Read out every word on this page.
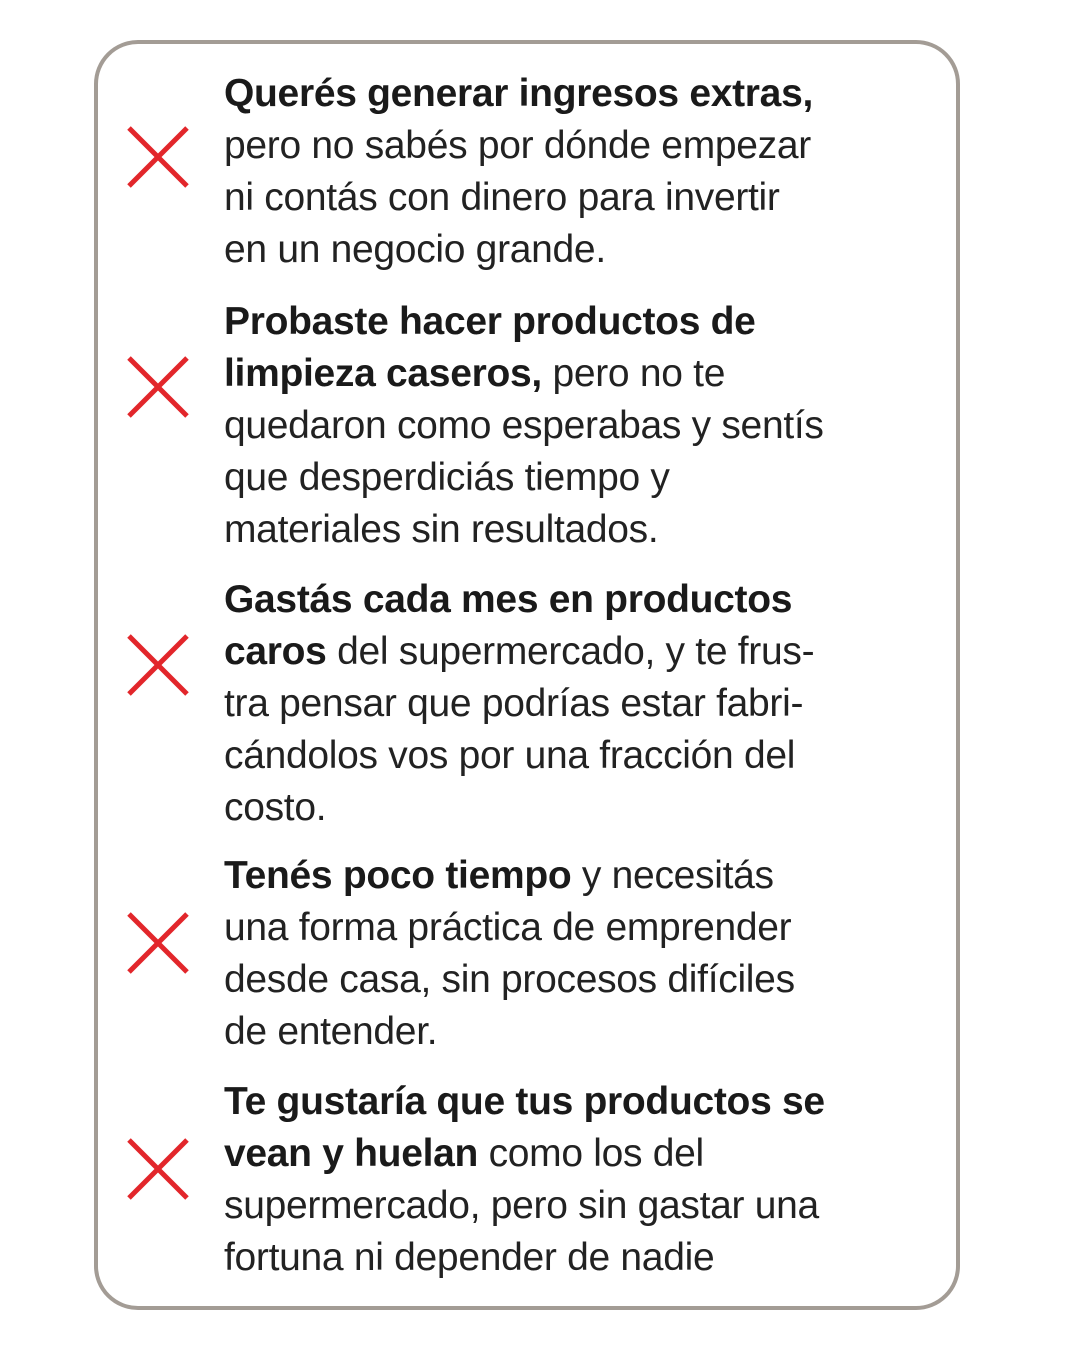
Querés generar ingresos extras,
pero no sabés por dónde empezar
ni contás con dinero para invertir
en un negocio grande.
Probaste hacer productos de
limpieza caseros, pero no te
quedaron como esperabas y sentís
que desperdiciás tiempo y
materiales sin resultados.
Gastás cada mes en productos
caros del supermercado, y te frus-
tra pensar que podrías estar fabri-
cándolos vos por una fracción del
costo.
Tenés poco tiempo y necesitás
una forma práctica de emprender
desde casa, sin procesos difíciles
de entender.
Te gustaría que tus productos se
vean y huelan como los del
supermercado, pero sin gastar una
fortuna ni depender de nadie
